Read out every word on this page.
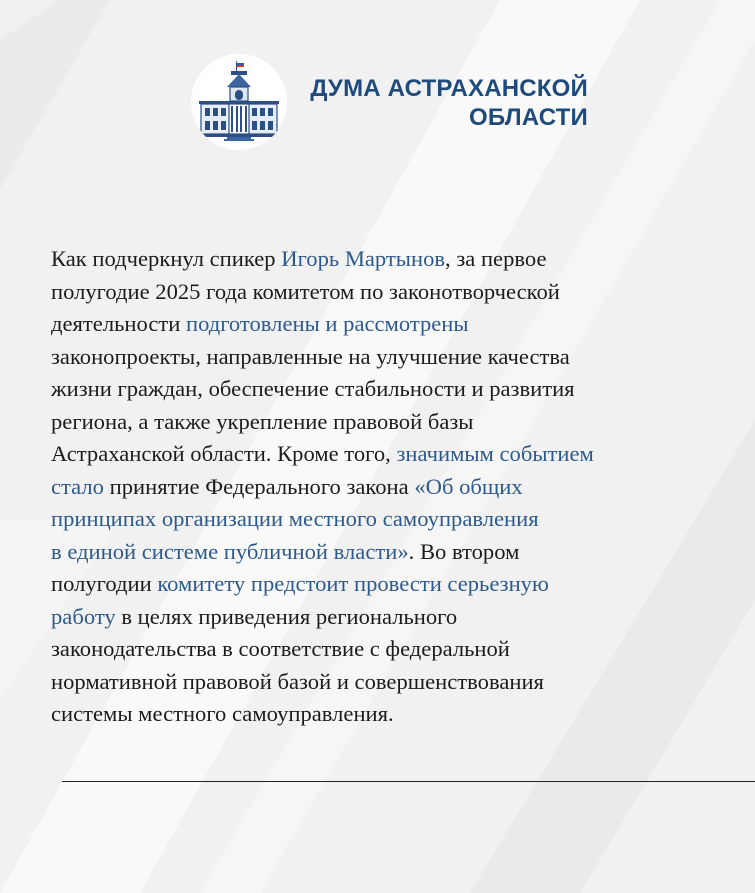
ДУМА АСТРАХАНСКОЙ
ОБЛАСТИ
Как подчеркнул спикер Игорь Мартынов, за первое
полугодие 2025 года комитетом по законотворческой
деятельности подготовлены и рассмотрены
законопроекты, направленные на улучшение качества
жизни граждан, обеспечение стабильности и развития
региона, а также укрепление правовой базы
Астраханской области. Кроме того, значимым событием
стало принятие Федерального закона «Об общих
принципах организации местного самоуправления
в единой системе публичной власти». Во втором
полугодии комитету предстоит провести серьезную
работу в целях приведения регионального
законодательства в соответствие с федеральной
нормативной правовой базой и совершенствования
системы местного самоуправления.
